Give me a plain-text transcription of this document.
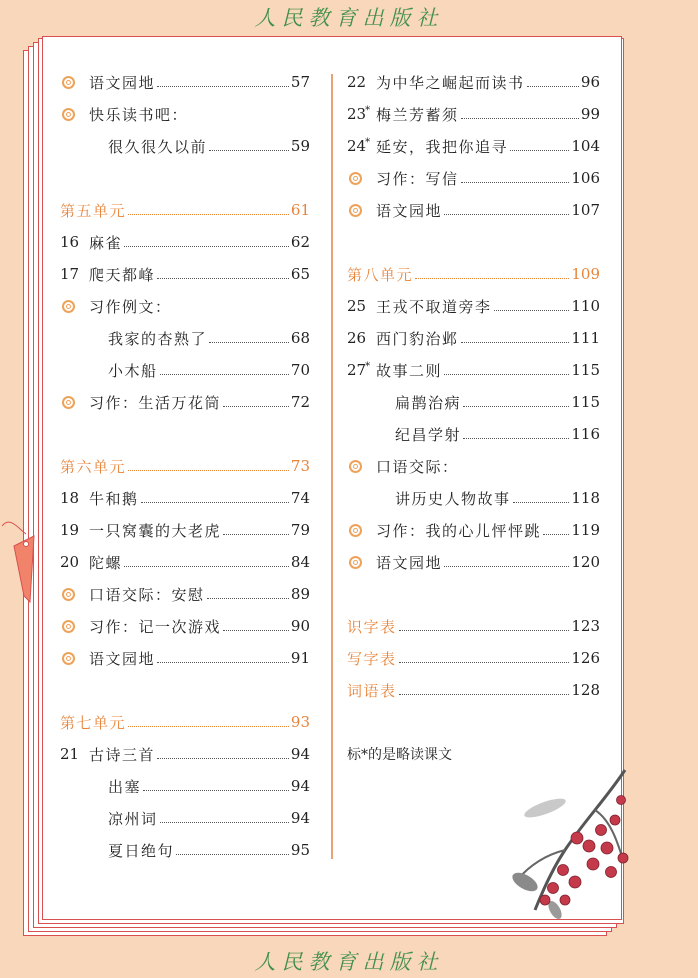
人民教育出版社
语文园地	57
快乐读书吧：
很久很久以前	59
第五单元	61
16 麻雀	62
17 爬天都峰	65
习作例文：
我家的杏熟了	68
小木船	70
习作：生活万花筒	72
第六单元	73
18 牛和鹅	74
19 一只窝囊的大老虎	79
20 陀螺	84
口语交际：安慰	89
习作：记一次游戏	90
语文园地	91
第七单元	93
21 古诗三首	94
出塞	94
凉州词	94
夏日绝句	95
22 为中华之崛起而读书	96
23* 梅兰芳蓄须	99
24* 延安，我把你追寻	104
习作：写信	106
语文园地	107
第八单元	109
25 王戎不取道旁李	110
26 西门豹治邺	111
27* 故事二则	115
扁鹊治病	115
纪昌学射	116
口语交际：
讲历史人物故事	118
习作：我的心儿怦怦跳 119
语文园地	120
识字表	123
写字表	126
词语表	128
标*的是略读课文
人民教育出版社
